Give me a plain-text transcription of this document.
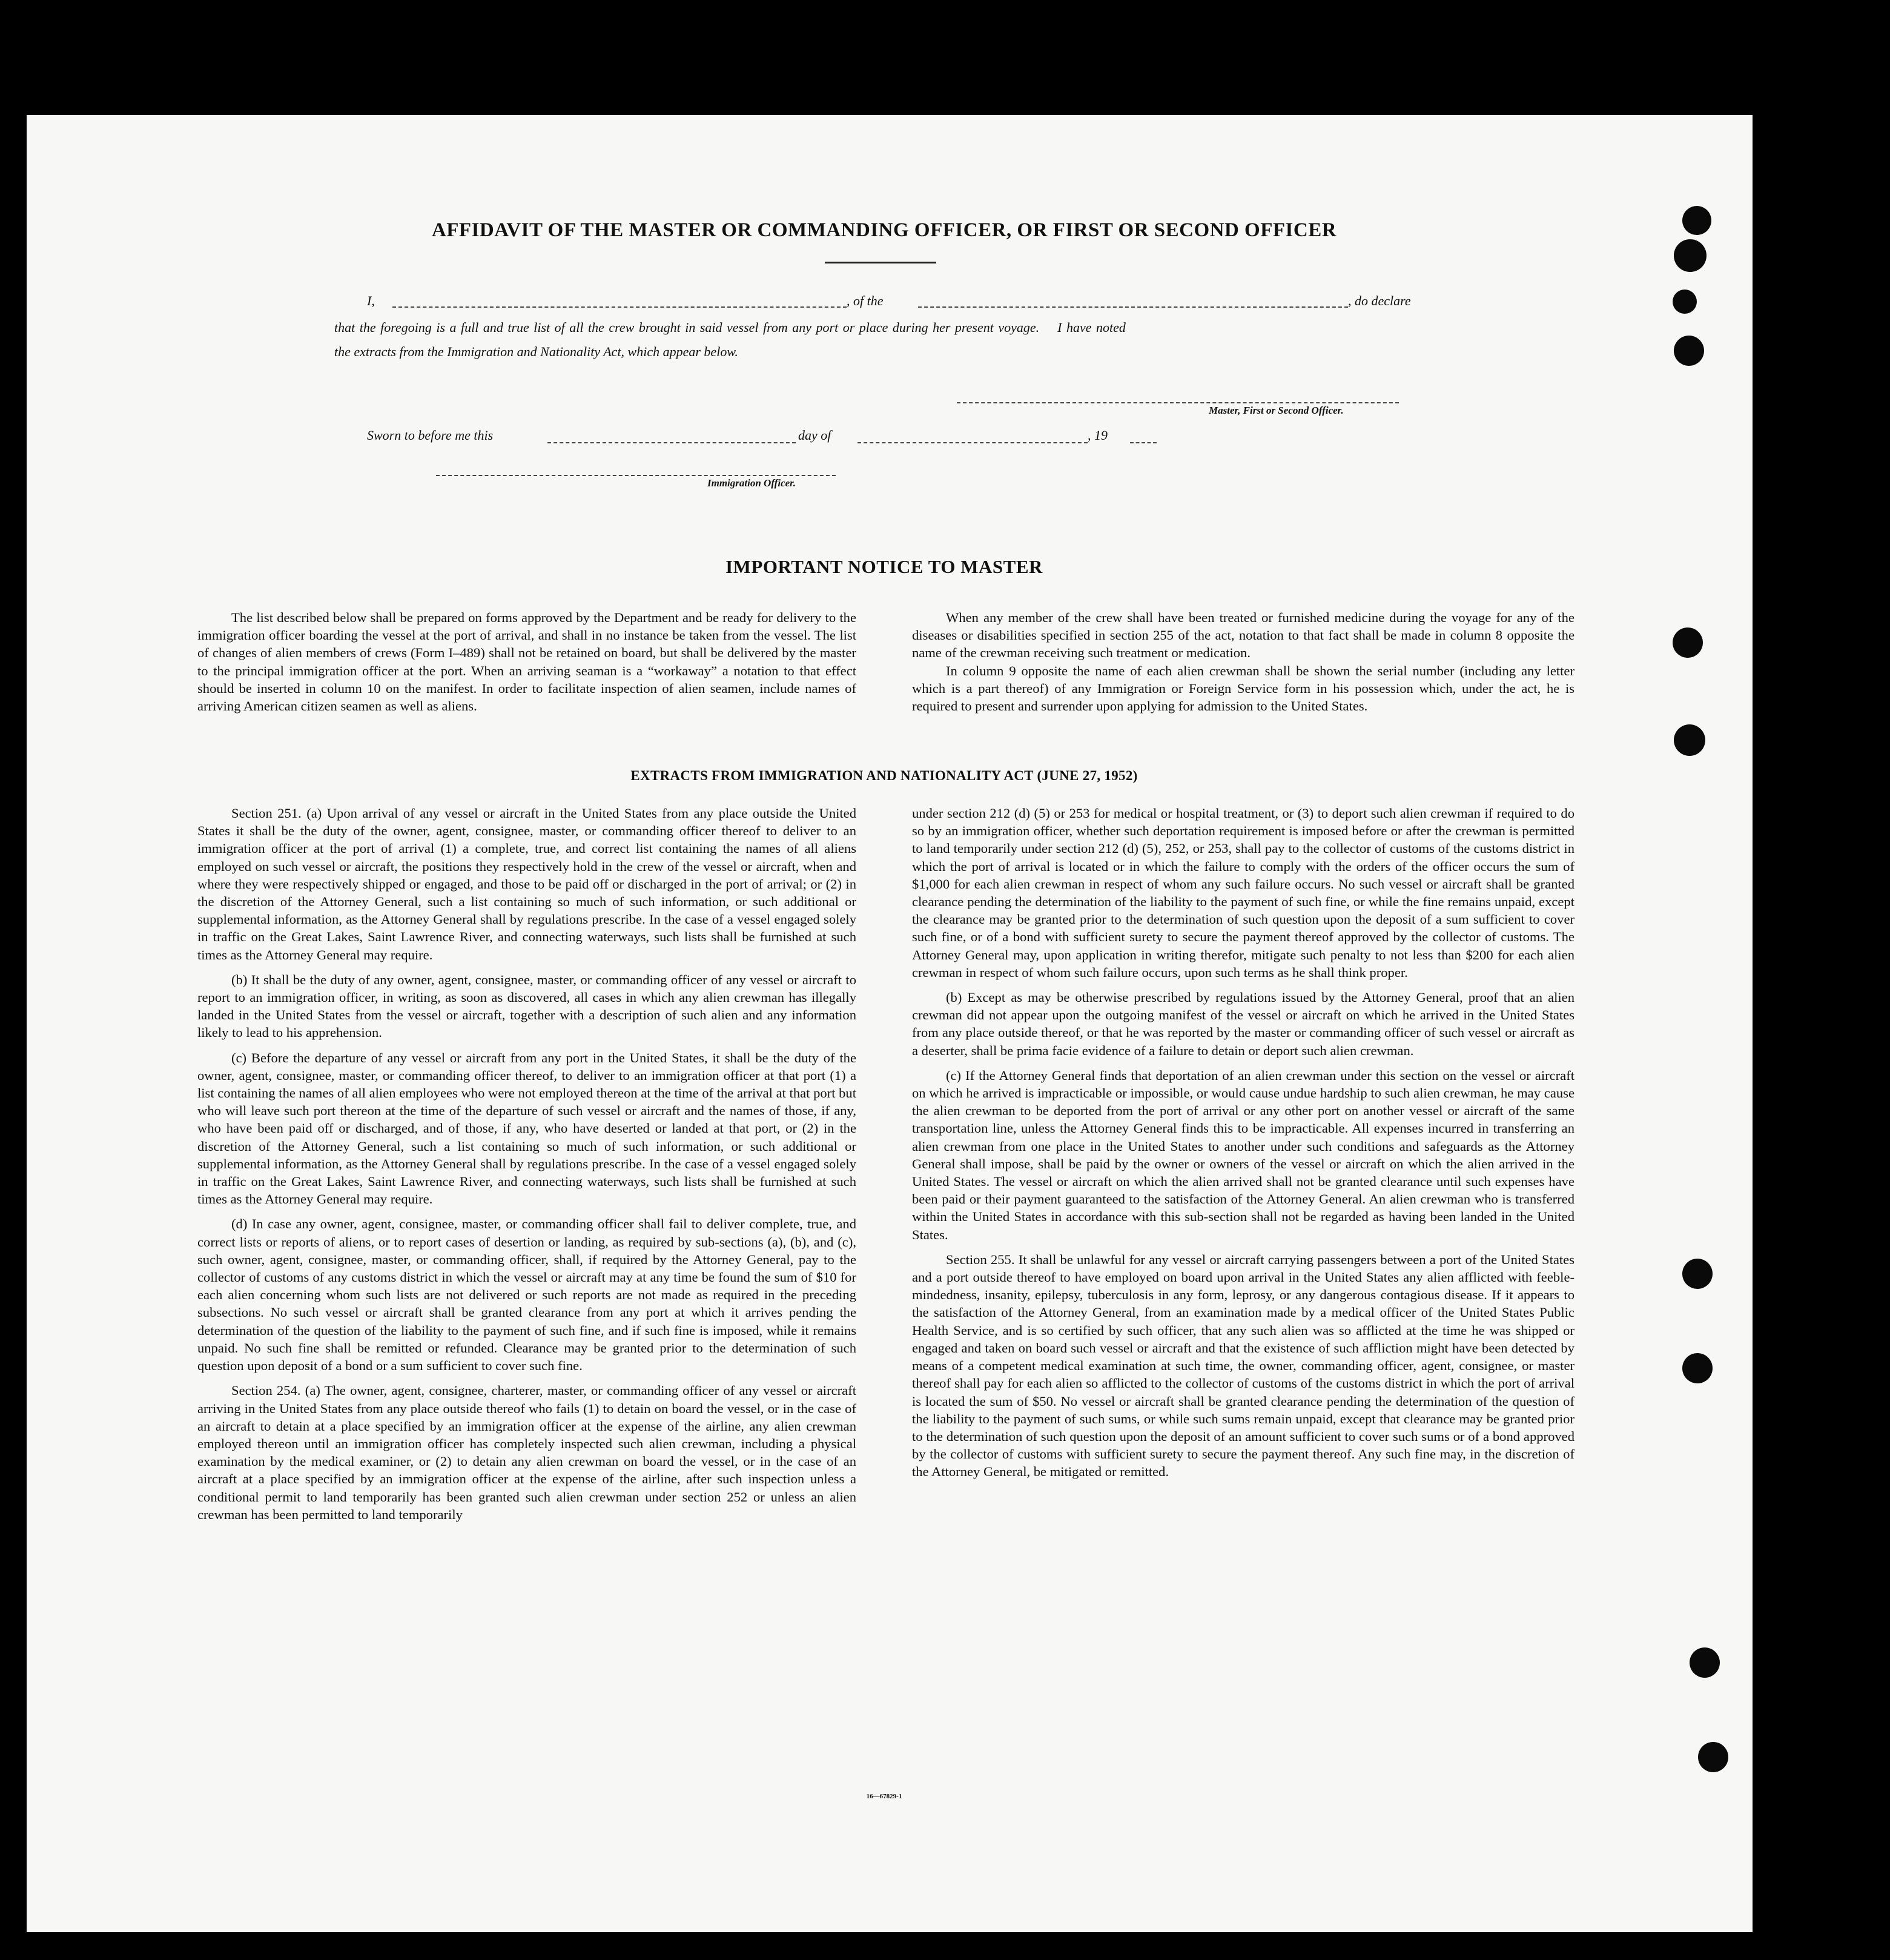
AFFIDAVIT OF THE MASTER OR COMMANDING OFFICER, OR FIRST OR SECOND OFFICER
I,	, of the	, do declare
that the foregoing is a full and true list of all the crew brought in said vessel from any port or place during her present voyage.    I have noted
the extracts from the Immigration and Nationality Act, which appear below.
Master, First or Second Officer.
Sworn to before me this	day of	, 19
Immigration Officer.
IMPORTANT NOTICE TO MASTER

The list described below shall be prepared on forms approved by the Department and be ready for delivery to the immigration officer boarding the vessel at the port of arrival, and shall in no instance be taken from the vessel. The list of changes of alien members of crews (Form I–489) shall not be retained on board, but shall be delivered by the master to the principal immigration officer at the port. When an arriving seaman is a “workaway” a notation to that effect should be inserted in column 10 on the manifest. In order to facilitate inspection of alien seamen, include names of arriving American citizen seamen as well as aliens.

When any member of the crew shall have been treated or furnished medicine during the voyage for any of the diseases or disabilities specified in section 255 of the act, notation to that fact shall be made in column 8 opposite the name of the crewman receiving such treatment or medication.

In column 9 opposite the name of each alien crewman shall be shown the serial number (including any letter which is a part thereof) of any Immigration or Foreign Service form in his possession which, under the act, he is required to present and surrender upon applying for admission to the United States.

EXTRACTS FROM IMMIGRATION AND NATIONALITY ACT (JUNE 27, 1952)

Section 251. (a) Upon arrival of any vessel or aircraft in the United States from any place outside the United States it shall be the duty of the owner, agent, consignee, master, or commanding officer thereof to deliver to an immigration officer at the port of arrival (1) a complete, true, and correct list containing the names of all aliens employed on such vessel or aircraft, the positions they respectively hold in the crew of the vessel or aircraft, when and where they were respectively shipped or engaged, and those to be paid off or discharged in the port of arrival; or (2) in the discretion of the Attorney General, such a list containing so much of such information, or such additional or supplemental information, as the Attorney General shall by regulations prescribe. In the case of a vessel engaged solely in traffic on the Great Lakes, Saint Lawrence River, and connecting waterways, such lists shall be furnished at such times as the Attorney General may require.

(b) It shall be the duty of any owner, agent, consignee, master, or commanding officer of any vessel or aircraft to report to an immigration officer, in writing, as soon as discovered, all cases in which any alien crewman has illegally landed in the United States from the vessel or aircraft, together with a description of such alien and any information likely to lead to his apprehension.

(c) Before the departure of any vessel or aircraft from any port in the United States, it shall be the duty of the owner, agent, consignee, master, or commanding officer thereof, to deliver to an immigration officer at that port (1) a list containing the names of all alien employees who were not employed thereon at the time of the arrival at that port but who will leave such port thereon at the time of the departure of such vessel or aircraft and the names of those, if any, who have been paid off or discharged, and of those, if any, who have deserted or landed at that port, or (2) in the discretion of the Attorney General, such a list containing so much of such information, or such additional or supplemental information, as the Attorney General shall by regulations prescribe. In the case of a vessel engaged solely in traffic on the Great Lakes, Saint Lawrence River, and connecting waterways, such lists shall be furnished at such times as the Attorney General may require.

(d) In case any owner, agent, consignee, master, or commanding officer shall fail to deliver complete, true, and correct lists or reports of aliens, or to report cases of desertion or landing, as required by sub-sections (a), (b), and (c), such owner, agent, consignee, master, or commanding officer, shall, if required by the Attorney General, pay to the collector of customs of any customs district in which the vessel or aircraft may at any time be found the sum of $10 for each alien concerning whom such lists are not delivered or such reports are not made as required in the preceding subsections. No such vessel or aircraft shall be granted clearance from any port at which it arrives pending the determination of the question of the liability to the payment of such fine, and if such fine is imposed, while it remains unpaid. No such fine shall be remitted or refunded. Clearance may be granted prior to the determination of such question upon deposit of a bond or a sum sufficient to cover such fine.

Section 254. (a) The owner, agent, consignee, charterer, master, or commanding officer of any vessel or aircraft arriving in the United States from any place outside thereof who fails (1) to detain on board the vessel, or in the case of an aircraft to detain at a place specified by an immigration officer at the expense of the airline, any alien crewman employed thereon until an immigration officer has completely inspected such alien crewman, including a physical examination by the medical examiner, or (2) to detain any alien crewman on board the vessel, or in the case of an aircraft at a place specified by an immigration officer at the expense of the airline, after such inspection unless a conditional permit to land temporarily has been granted such alien crewman under section 252 or unless an alien crewman has been permitted to land temporarily

under section 212 (d) (5) or 253 for medical or hospital treatment, or (3) to deport such alien crewman if required to do so by an immigration officer, whether such deportation requirement is imposed before or after the crewman is permitted to land temporarily under section 212 (d) (5), 252, or 253, shall pay to the collector of customs of the customs district in which the port of arrival is located or in which the failure to comply with the orders of the officer occurs the sum of $1,000 for each alien crewman in respect of whom any such failure occurs. No such vessel or aircraft shall be granted clearance pending the determination of the liability to the payment of such fine, or while the fine remains unpaid, except the clearance may be granted prior to the determination of such question upon the deposit of a sum sufficient to cover such fine, or of a bond with sufficient surety to secure the payment thereof approved by the collector of customs. The Attorney General may, upon application in writing therefor, mitigate such penalty to not less than $200 for each alien crewman in respect of whom such failure occurs, upon such terms as he shall think proper.

(b) Except as may be otherwise prescribed by regulations issued by the Attorney General, proof that an alien crewman did not appear upon the outgoing manifest of the vessel or aircraft on which he arrived in the United States from any place outside thereof, or that he was reported by the master or commanding officer of such vessel or aircraft as a deserter, shall be prima facie evidence of a failure to detain or deport such alien crewman.

(c) If the Attorney General finds that deportation of an alien crewman under this section on the vessel or aircraft on which he arrived is impracticable or impossible, or would cause undue hardship to such alien crewman, he may cause the alien crewman to be deported from the port of arrival or any other port on another vessel or aircraft of the same transportation line, unless the Attorney General finds this to be impracticable. All expenses incurred in transferring an alien crewman from one place in the United States to another under such conditions and safeguards as the Attorney General shall impose, shall be paid by the owner or owners of the vessel or aircraft on which the alien arrived in the United States. The vessel or aircraft on which the alien arrived shall not be granted clearance until such expenses have been paid or their payment guaranteed to the satisfaction of the Attorney General. An alien crewman who is transferred within the United States in accordance with this sub-section shall not be regarded as having been landed in the United States.

Section 255. It shall be unlawful for any vessel or aircraft carrying passengers between a port of the United States and a port outside thereof to have employed on board upon arrival in the United States any alien afflicted with feeble-mindedness, insanity, epilepsy, tuberculosis in any form, leprosy, or any dangerous contagious disease. If it appears to the satisfaction of the Attorney General, from an examination made by a medical officer of the United States Public Health Service, and is so certified by such officer, that any such alien was so afflicted at the time he was shipped or engaged and taken on board such vessel or aircraft and that the existence of such affliction might have been detected by means of a competent medical examination at such time, the owner, commanding officer, agent, consignee, or master thereof shall pay for each alien so afflicted to the collector of customs of the customs district in which the port of arrival is located the sum of $50. No vessel or aircraft shall be granted clearance pending the determination of the question of the liability to the payment of such sums, or while such sums remain unpaid, except that clearance may be granted prior to the determination of such question upon the deposit of an amount sufficient to cover such sums or of a bond approved by the collector of customs with sufficient surety to secure the payment thereof. Any such fine may, in the discretion of the Attorney General, be mitigated or remitted.

16—67829-1
